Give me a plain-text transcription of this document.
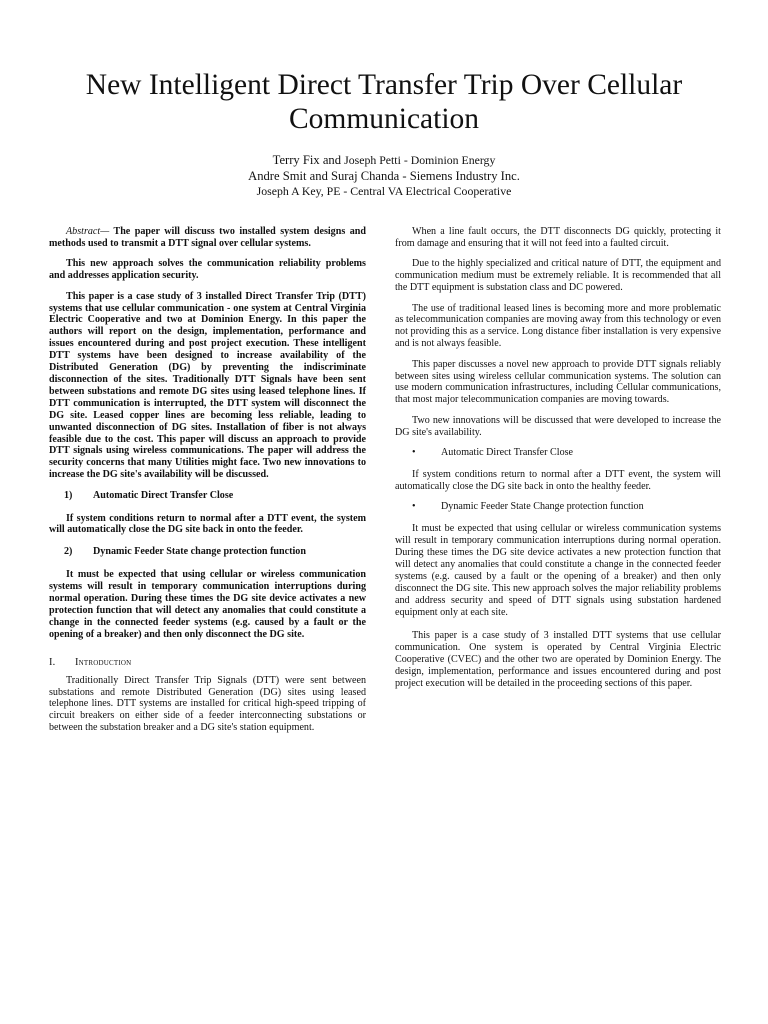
New Intelligent Direct Transfer Trip Over Cellular Communication
Terry Fix and Joseph Petti - Dominion Energy
Andre Smit and Suraj Chanda - Siemens Industry Inc.
Joseph A Key, PE - Central VA Electrical Cooperative

Abstract— The paper will discuss two installed system designs and methods used to transmit a DTT signal over cellular systems.

This new approach solves the communication reliability problems and addresses application security.

This paper is a case study of 3 installed Direct Transfer Trip (DTT) systems that use cellular communication - one system at Central Virginia Electric Cooperative and two at Dominion Energy. In this paper the authors will report on the design, implementation, performance and issues encountered during and post project execution. These intelligent DTT systems have been designed to increase availability of the Distributed Generation (DG) by preventing the indiscriminate disconnection of the sites. Traditionally DTT Signals have been sent between substations and remote DG sites using leased telephone lines. If DTT communication is interrupted, the DTT system will disconnect the DG site. Leased copper lines are becoming less reliable, leading to unwanted disconnection of DG sites. Installation of fiber is not always feasible due to the cost. This paper will discuss an approach to provide DTT signals using wireless communications. The paper will address the security concerns that many Utilities might face. Two new innovations to increase the DG site's availability will be discussed.

1)	Automatic Direct Transfer Close

If system conditions return to normal after a DTT event, the system will automatically close the DG site back in onto the feeder.

2)	Dynamic Feeder State change protection function

It must be expected that using cellular or wireless communication systems will result in temporary communication interruptions during normal operation. During these times the DG site device activates a new protection function that will detect any anomalies that could constitute a change in the connected feeder systems (e.g. caused by a fault or the opening of a breaker) and then only disconnect the DG site.

I.	Introduction

Traditionally Direct Transfer Trip Signals (DTT) were sent between substations and remote Distributed Generation (DG) sites using leased telephone lines. DTT systems are installed for critical high-speed tripping of circuit breakers on either side of a feeder interconnecting substations or between the substation breaker and a DG site's station equipment.

When a line fault occurs, the DTT disconnects DG quickly, protecting it from damage and ensuring that it will not feed into a faulted circuit.

Due to the highly specialized and critical nature of DTT, the equipment and communication medium must be extremely reliable. It is recommended that all the DTT equipment is substation class and DC powered.

The use of traditional leased lines is becoming more and more problematic as telecommunication companies are moving away from this technology or even not providing this as a service. Long distance fiber installation is very expensive and is not always feasible.

This paper discusses a novel new approach to provide DTT signals reliably between sites using wireless cellular communication systems. The solution can use modern communication infrastructures, including Cellular communications, that most major telecommunication companies are moving towards.

Two new innovations will be discussed that were developed to increase the DG site's availability.

•	Automatic Direct Transfer Close

If system conditions return to normal after a DTT event, the system will automatically close the DG site back in onto the healthy feeder.

•	Dynamic Feeder State Change protection function

It must be expected that using cellular or wireless communication systems will result in temporary communication interruptions during normal operation. During these times the DG site device activates a new protection function that will detect any anomalies that could constitute a change in the connected feeder systems (e.g. caused by a fault or the opening of a breaker) and then only disconnect the DG site. This new approach solves the major reliability problems and address security and speed of DTT signals using substation hardened equipment only at each site.

This paper is a case study of 3 installed DTT systems that use cellular communication. One system is operated by Central Virginia Electric Cooperative (CVEC) and the other two are operated by Dominion Energy. The design, implementation, performance and issues encountered during and post project execution will be detailed in the proceeding sections of this paper.
